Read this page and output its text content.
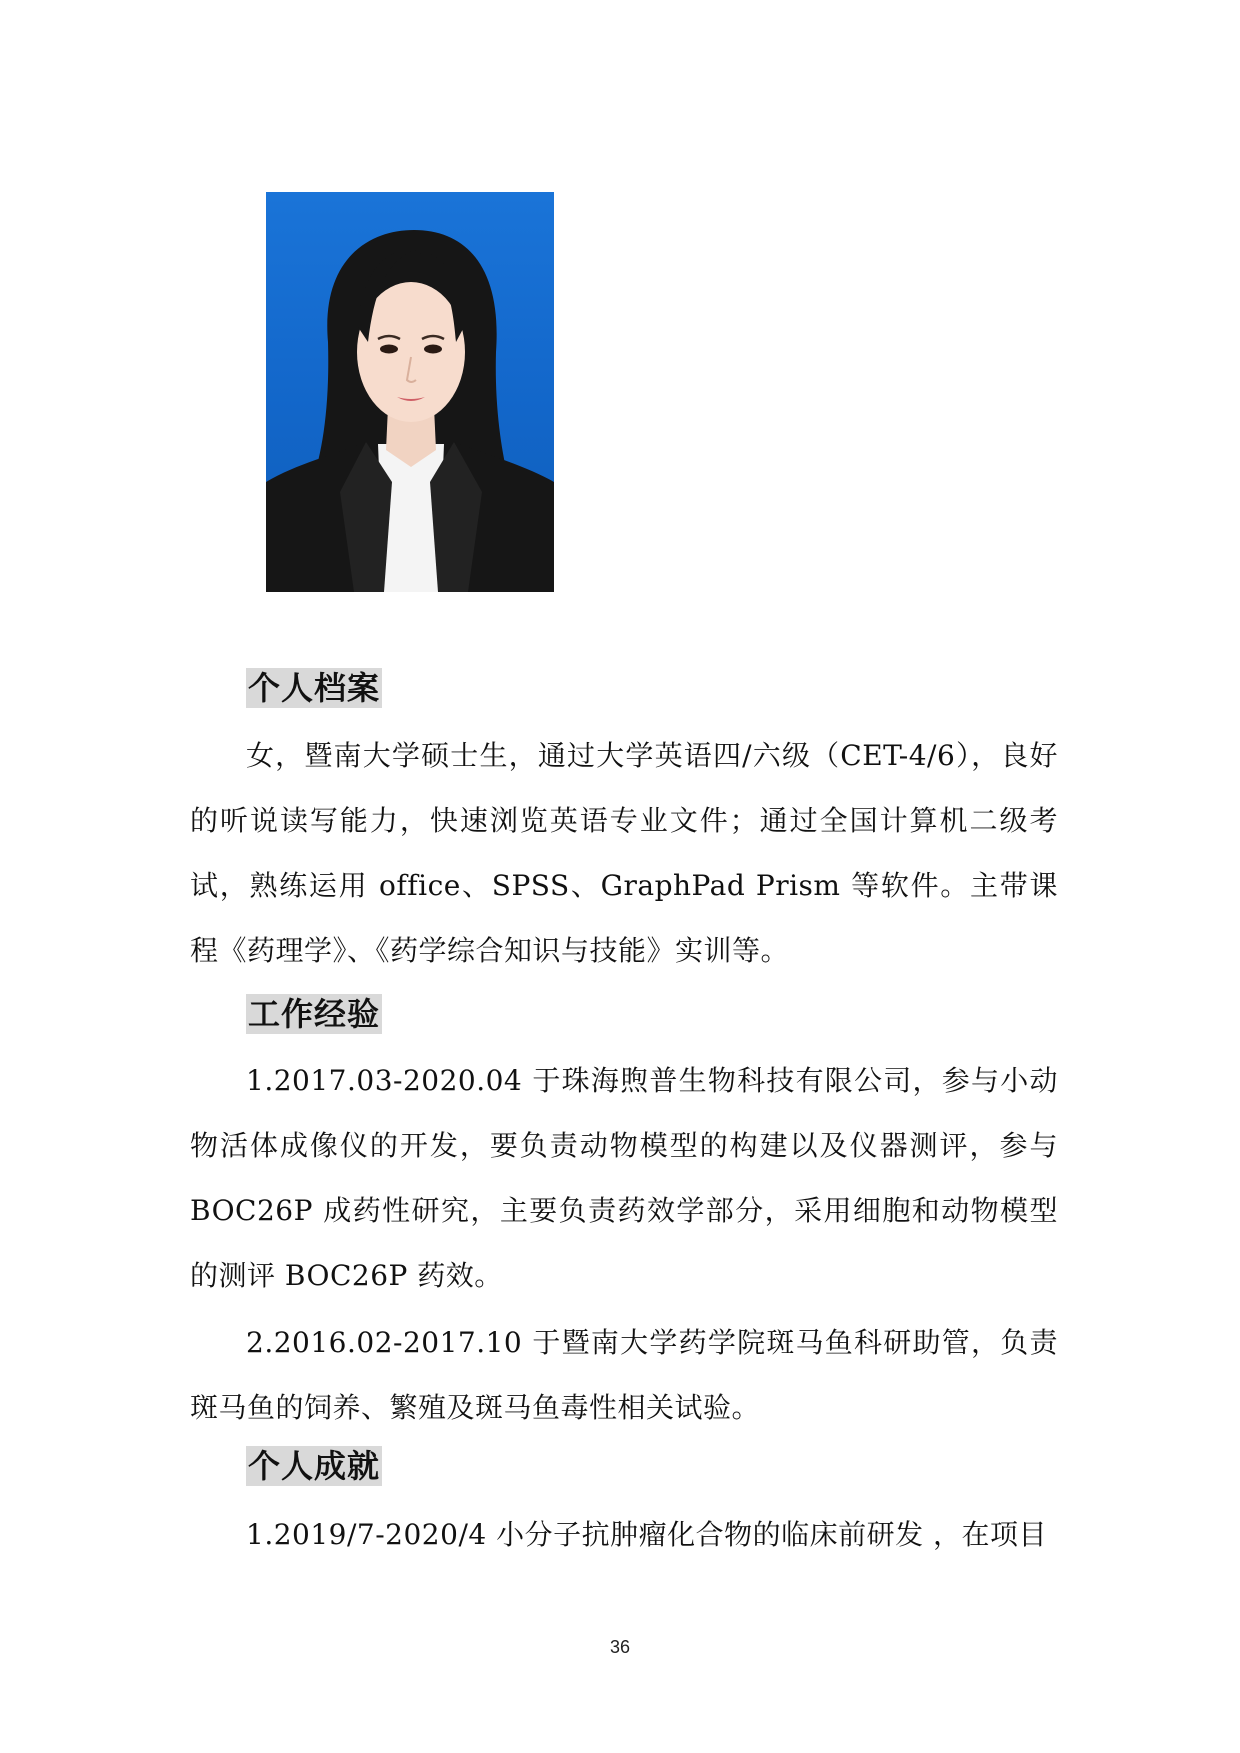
个人档案
女，暨南大学硕士生，通过大学英语四/六级（CET-4/6），良好的听说读写能力，快速浏览英语专业文件；通过全国计算机二级考试，熟练运用 office、SPSS、GraphPad Prism 等软件。主带课程《药理学》、《药学综合知识与技能》实训等。
工作经验
1.2017.03-2020.04 于珠海煦普生物科技有限公司，参与小动物活体成像仪的开发，要负责动物模型的构建以及仪器测评，参与 BOC26P 成药性研究，主要负责药效学部分，采用细胞和动物模型的测评 BOC26P 药效。
2.2016.02-2017.10 于暨南大学药学院斑马鱼科研助管，负责斑马鱼的饲养、繁殖及斑马鱼毒性相关试验。
个人成就
1.2019/7-2020/4 小分子抗肿瘤化合物的临床前研发 ，在项目
36
